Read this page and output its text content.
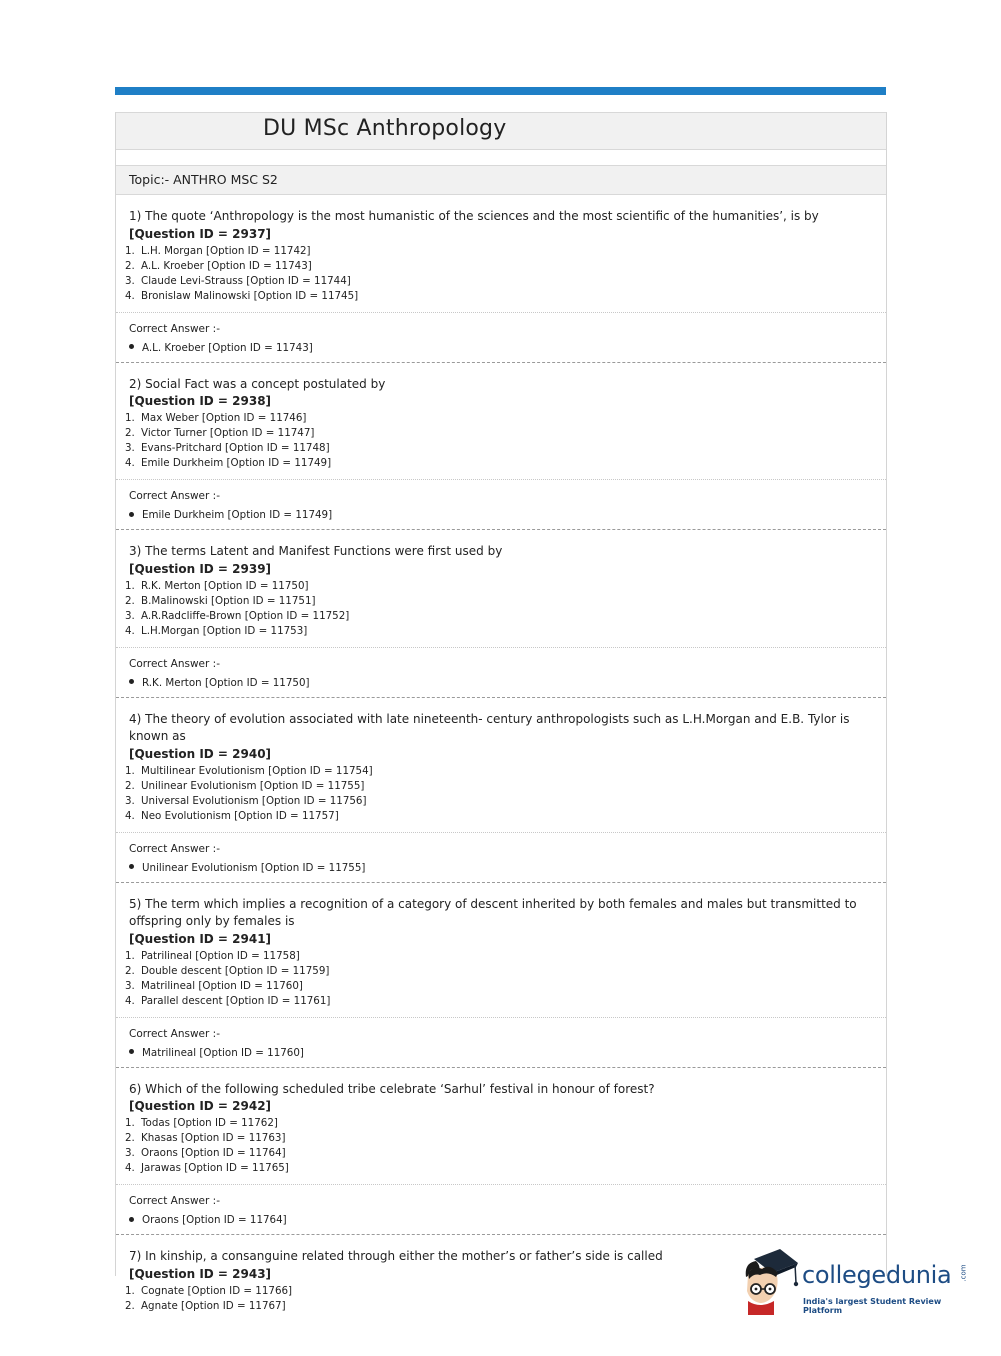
DU MSc Anthropology
Topic:- ANTHRO MSC S2
1) The quote ‘Anthropology is the most humanistic of the sciences and the most scientific of the humanities’, is by
[Question ID = 2937]
1. L.H. Morgan [Option ID = 11742]
2. A.L. Kroeber [Option ID = 11743]
3. Claude Levi-Strauss [Option ID = 11744]
4. Bronislaw Malinowski [Option ID = 11745]
Correct Answer :-
A.L. Kroeber [Option ID = 11743]
2) Social Fact was a concept postulated by
[Question ID = 2938]
1. Max Weber [Option ID = 11746]
2. Victor Turner [Option ID = 11747]
3. Evans-Pritchard [Option ID = 11748]
4. Emile Durkheim [Option ID = 11749]
Correct Answer :-
Emile Durkheim [Option ID = 11749]
3) The terms Latent and Manifest Functions were first used by
[Question ID = 2939]
1. R.K. Merton [Option ID = 11750]
2. B.Malinowski [Option ID = 11751]
3. A.R.Radcliffe-Brown [Option ID = 11752]
4. L.H.Morgan [Option ID = 11753]
Correct Answer :-
R.K. Merton [Option ID = 11750]
4) The theory of evolution associated with late nineteenth- century anthropologists such as L.H.Morgan and E.B. Tylor is known as
[Question ID = 2940]
1. Multilinear Evolutionism [Option ID = 11754]
2. Unilinear Evolutionism [Option ID = 11755]
3. Universal Evolutionism [Option ID = 11756]
4. Neo Evolutionism [Option ID = 11757]
Correct Answer :-
Unilinear Evolutionism [Option ID = 11755]
5) The term which implies a recognition of a category of descent inherited by both females and males but transmitted to offspring only by females is
[Question ID = 2941]
1. Patrilineal [Option ID = 11758]
2. Double descent [Option ID = 11759]
3. Matrilineal [Option ID = 11760]
4. Parallel descent [Option ID = 11761]
Correct Answer :-
Matrilineal [Option ID = 11760]
6) Which of the following scheduled tribe celebrate ‘Sarhul’ festival in honour of forest?
[Question ID = 2942]
1. Todas [Option ID = 11762]
2. Khasas [Option ID = 11763]
3. Oraons [Option ID = 11764]
4. Jarawas [Option ID = 11765]
Correct Answer :-
Oraons [Option ID = 11764]
7) In kinship, a consanguine related through either the mother’s or father’s side is called
[Question ID = 2943]
1. Cognate [Option ID = 11766]
2. Agnate [Option ID = 11767]
collegedunia .com
India's largest Student Review Platform
